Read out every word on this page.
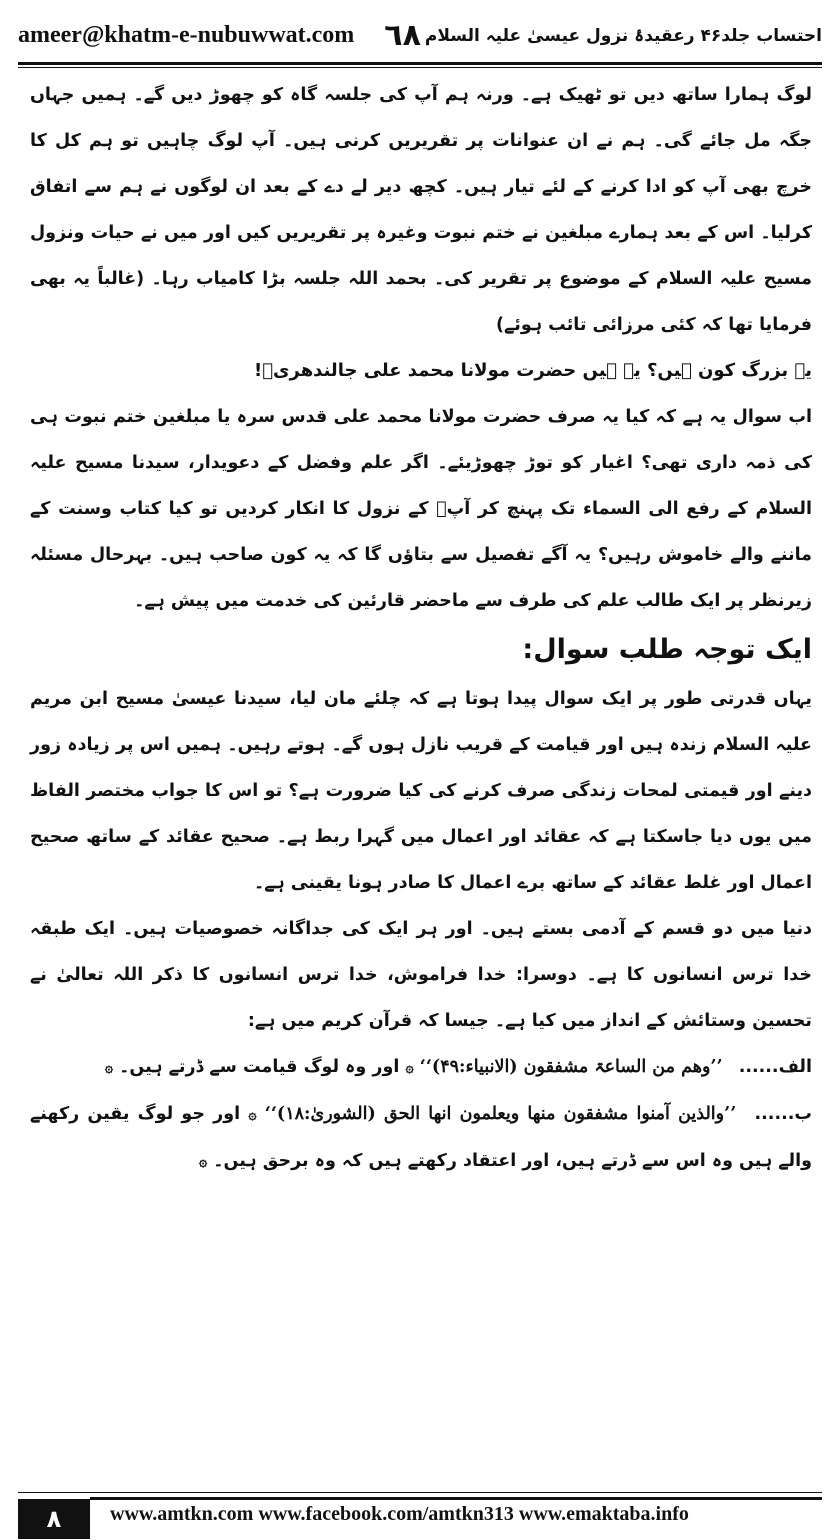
ameer@khatm-e-nubuwwat.com ٦٨ احتساب جلد۴۶ رعقیدۂ نزول عیسیٰ علیہ السلام

لوگ ہمارا ساتھ دیں تو ٹھیک ہے۔ ورنہ ہم آپ کی جلسہ گاہ کو چھوڑ دیں گے۔ ہمیں جہاں جگہ مل جائے گی۔ ہم نے ان عنوانات پر تقریریں کرنی ہیں۔ آپ لوگ چاہیں تو ہم کل کا خرچ بھی آپ کو ادا کرنے کے لئے تیار ہیں۔ کچھ دیر لے دے کے بعد ان لوگوں نے ہم سے اتفاق کرلیا۔ اس کے بعد ہمارے مبلغین نے ختم نبوت وغیرہ پر تقریریں کیں اور میں نے حیات ونزول مسیح علیہ السلام کے موضوع پر تقریر کی۔ بحمد اللہ جلسہ بڑا کامیاب رہا۔ (غالباً یہ بھی فرمایا تھا کہ کئی مرزائی تائب ہوئے)

یہ بزرگ کون ہیں؟ یہ ہیں حضرت مولانا محمد علی جالندھریؒ!

اب سوال یہ ہے کہ کیا یہ صرف حضرت مولانا محمد علی قدس سرہ یا مبلغین ختم نبوت ہی کی ذمہ داری تھی؟ اغیار کو توڑ چھوڑیئے۔ اگر علم وفضل کے دعویدار، سیدنا مسیح علیہ السلام کے رفع الی السماء تک پہنچ کر آپؑ کے نزول کا انکار کردیں تو کیا کتاب وسنت کے ماننے والے خاموش رہیں؟ یہ آگے تفصیل سے بتاؤں گا کہ یہ کون صاحب ہیں۔ بہرحال مسئلہ زیرنظر پر ایک طالب علم کی طرف سے ماحضر قارئین کی خدمت میں پیش ہے۔

ایک توجہ طلب سوال:

یہاں قدرتی طور پر ایک سوال پیدا ہوتا ہے کہ چلئے مان لیا، سیدنا عیسیٰ مسیح ابن مریم علیہ السلام زندہ ہیں اور قیامت کے قریب نازل ہوں گے۔ ہوتے رہیں۔ ہمیں اس پر زیادہ زور دینے اور قیمتی لمحات زندگی صرف کرنے کی کیا ضرورت ہے؟ تو اس کا جواب مختصر الفاظ میں یوں دیا جاسکتا ہے کہ عقائد اور اعمال میں گہرا ربط ہے۔ صحیح عقائد کے ساتھ صحیح اعمال اور غلط عقائد کے ساتھ برے اعمال کا صادر ہونا یقینی ہے۔

دنیا میں دو قسم کے آدمی بستے ہیں۔ اور ہر ایک کی جداگانہ خصوصیات ہیں۔ ایک طبقہ خدا ترس انسانوں کا ہے۔ دوسرا: خدا فراموش، خدا ترس انسانوں کا ذکر اللہ تعالیٰ نے تحسین وستائش کے انداز میں کیا ہے۔ جیسا کہ قرآن کریم میں ہے:

الف...... ’’وھم من الساعۃ مشفقون (الانبیاء:۴۹)‘‘ ۞ اور وہ لوگ قیامت سے ڈرتے ہیں۔ ۞

ب...... ’’والذین آمنوا مشفقون منھا ویعلمون انھا الحق (الشوریٰ:۱۸)‘‘ ۞ اور جو لوگ یقین رکھنے والے ہیں وہ اس سے ڈرتے ہیں، اور اعتقاد رکھتے ہیں کہ وہ برحق ہیں۔ ۞

٨	www.amtkn.com www.facebook.com/amtkn313 www.emaktaba.info
